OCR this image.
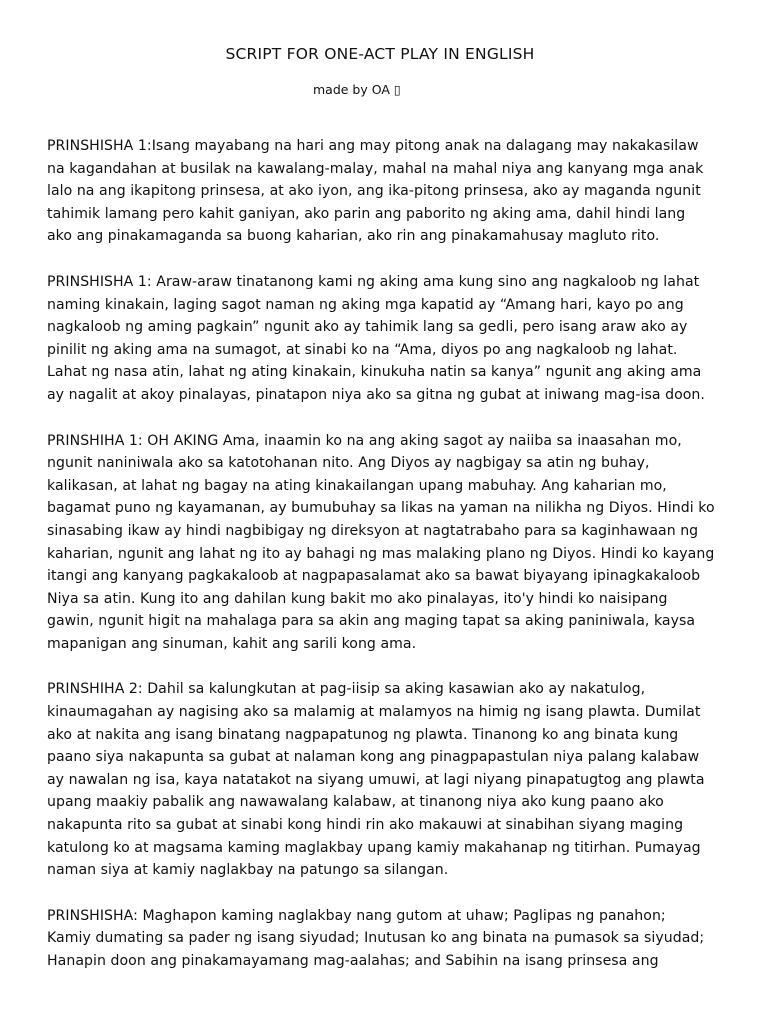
SCRIPT FOR ONE-ACT PLAY IN ENGLISH
made by OA ▯

PRINSHISHA 1:Isang mayabang na hari ang may pitong anak na dalagang may nakakasilaw
na kagandahan at busilak na kawalang-malay, mahal na mahal niya ang kanyang mga anak
lalo na ang ikapitong prinsesa, at ako iyon, ang ika-pitong prinsesa, ako ay maganda ngunit
tahimik lamang pero kahit ganiyan, ako parin ang paborito ng aking ama, dahil hindi lang
ako ang pinakamaganda sa buong kaharian, ako rin ang pinakamahusay magluto rito.

PRINSHISHA 1: Araw-araw tinatanong kami ng aking ama kung sino ang nagkaloob ng lahat
naming kinakain, laging sagot naman ng aking mga kapatid ay “Amang hari, kayo po ang
nagkaloob ng aming pagkain” ngunit ako ay tahimik lang sa gedli, pero isang araw ako ay
pinilit ng aking ama na sumagot, at sinabi ko na “Ama, diyos po ang nagkaloob ng lahat.
Lahat ng nasa atin, lahat ng ating kinakain, kinukuha natin sa kanya” ngunit ang aking ama
ay nagalit at akoy pinalayas, pinatapon niya ako sa gitna ng gubat at iniwang mag-isa doon.

PRINSHIHA 1: OH AKING Ama, inaamin ko na ang aking sagot ay naiiba sa inaasahan mo,
ngunit naniniwala ako sa katotohanan nito. Ang Diyos ay nagbigay sa atin ng buhay,
kalikasan, at lahat ng bagay na ating kinakailangan upang mabuhay. Ang kaharian mo,
bagamat puno ng kayamanan, ay bumubuhay sa likas na yaman na nilikha ng Diyos. Hindi ko
sinasabing ikaw ay hindi nagbibigay ng direksyon at nagtatrabaho para sa kaginhawaan ng
kaharian, ngunit ang lahat ng ito ay bahagi ng mas malaking plano ng Diyos. Hindi ko kayang
itangi ang kanyang pagkakaloob at nagpapasalamat ako sa bawat biyayang ipinagkakaloob
Niya sa atin. Kung ito ang dahilan kung bakit mo ako pinalayas, ito'y hindi ko naisipang
gawin, ngunit higit na mahalaga para sa akin ang maging tapat sa aking paniniwala, kaysa
mapanigan ang sinuman, kahit ang sarili kong ama.

PRINSHIHA 2: Dahil sa kalungkutan at pag-iisip sa aking kasawian ako ay nakatulog,
kinaumagahan ay nagising ako sa malamig at malamyos na himig ng isang plawta. Dumilat
ako at nakita ang isang binatang nagpapatunog ng plawta. Tinanong ko ang binata kung
paano siya nakapunta sa gubat at nalaman kong ang pinagpapastulan niya palang kalabaw
ay nawalan ng isa, kaya natatakot na siyang umuwi, at lagi niyang pinapatugtog ang plawta
upang maakiy pabalik ang nawawalang kalabaw, at tinanong niya ako kung paano ako
nakapunta rito sa gubat at sinabi kong hindi rin ako makauwi at sinabihan siyang maging
katulong ko at magsama kaming maglakbay upang kamiy makahanap ng titirhan. Pumayag
naman siya at kamiy naglakbay na patungo sa silangan.

PRINSHISHA: Maghapon kaming naglakbay nang gutom at uhaw; Paglipas ng panahon;
Kamiy dumating sa pader ng isang siyudad; Inutusan ko ang binata na pumasok sa siyudad;
Hanapin doon ang pinakamayamang mag-aalahas; and Sabihin na isang prinsesa ang
